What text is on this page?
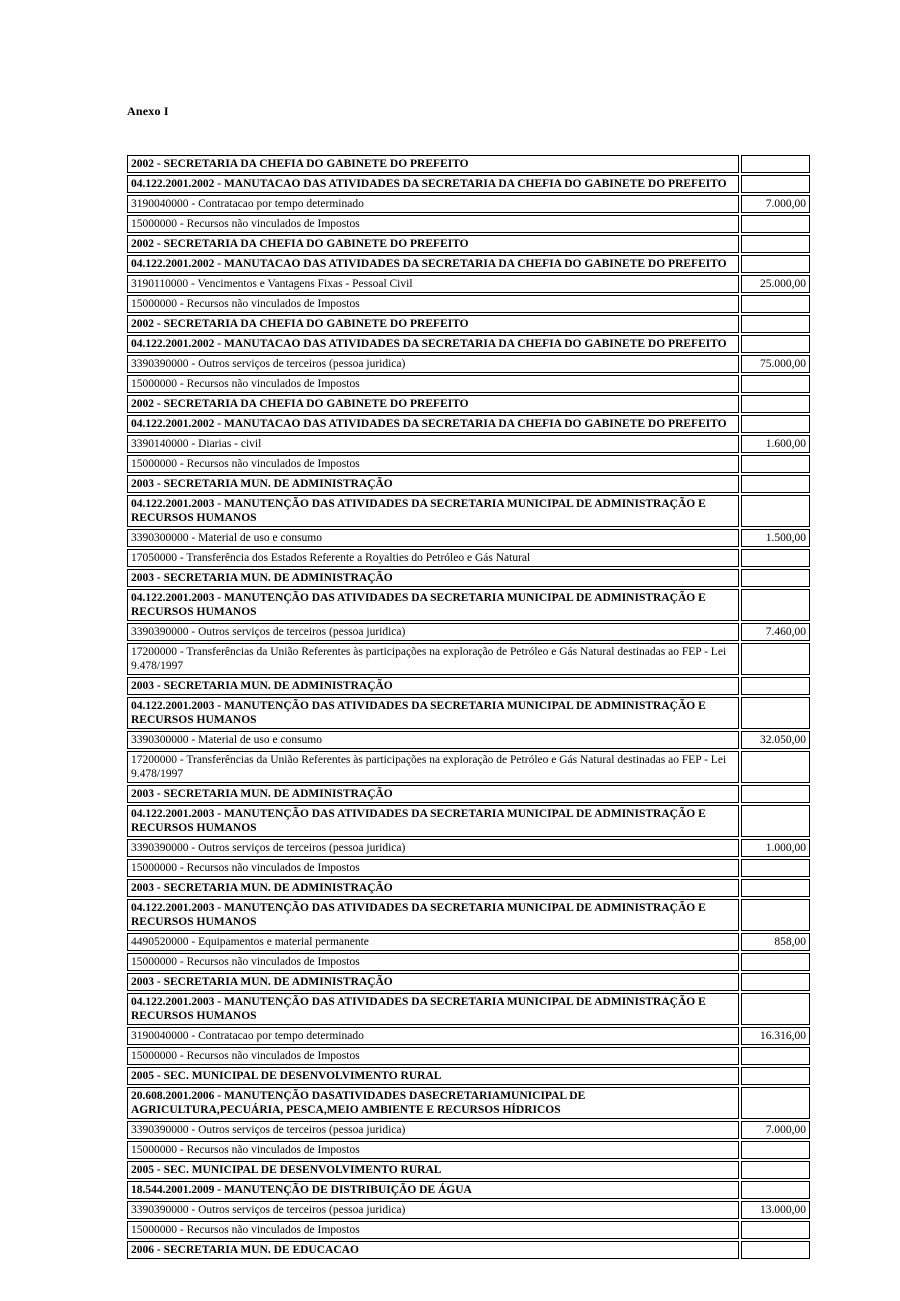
Anexo I
2002 - SECRETARIA DA CHEFIA DO GABINETE DO PREFEITO	
04.122.2001.2002 - MANUTACAO DAS ATIVIDADES DA SECRETARIA DA CHEFIA DO GABINETE DO PREFEITO	
3190040000 - Contratacao por tempo determinado	7.000,00
15000000 - Recursos não vinculados de Impostos	
2002 - SECRETARIA DA CHEFIA DO GABINETE DO PREFEITO	
04.122.2001.2002 - MANUTACAO DAS ATIVIDADES DA SECRETARIA DA CHEFIA DO GABINETE DO PREFEITO	
3190110000 - Vencimentos e Vantagens Fixas - Pessoal Civil	25.000,00
15000000 - Recursos não vinculados de Impostos	
2002 - SECRETARIA DA CHEFIA DO GABINETE DO PREFEITO	
04.122.2001.2002 - MANUTACAO DAS ATIVIDADES DA SECRETARIA DA CHEFIA DO GABINETE DO PREFEITO	
3390390000 - Outros serviços de terceiros (pessoa juridica)	75.000,00
15000000 - Recursos não vinculados de Impostos	
2002 - SECRETARIA DA CHEFIA DO GABINETE DO PREFEITO	
04.122.2001.2002 - MANUTACAO DAS ATIVIDADES DA SECRETARIA DA CHEFIA DO GABINETE DO PREFEITO	
3390140000 - Diarias - civil	1.600,00
15000000 - Recursos não vinculados de Impostos	
2003 - SECRETARIA MUN. DE ADMINISTRAÇÃO	
04.122.2001.2003 - MANUTENÇÃO DAS ATIVIDADES DA SECRETARIA MUNICIPAL DE ADMINISTRAÇÃO E RECURSOS HUMANOS	
3390300000 - Material de uso e consumo	1.500,00
17050000 - Transferência dos Estados Referente a Royalties do Petróleo e Gás Natural	
2003 - SECRETARIA MUN. DE ADMINISTRAÇÃO	
04.122.2001.2003 - MANUTENÇÃO DAS ATIVIDADES DA SECRETARIA MUNICIPAL DE ADMINISTRAÇÃO E RECURSOS HUMANOS	
3390390000 - Outros serviços de terceiros (pessoa juridica)	7.460,00
17200000 - Transferências da União Referentes às participações na exploração de Petróleo e Gás Natural destinadas ao FEP - Lei 9.478/1997	
2003 - SECRETARIA MUN. DE ADMINISTRAÇÃO	
04.122.2001.2003 - MANUTENÇÃO DAS ATIVIDADES DA SECRETARIA MUNICIPAL DE ADMINISTRAÇÃO E RECURSOS HUMANOS	
3390300000 - Material de uso e consumo	32.050,00
17200000 - Transferências da União Referentes às participações na exploração de Petróleo e Gás Natural destinadas ao FEP - Lei 9.478/1997	
2003 - SECRETARIA MUN. DE ADMINISTRAÇÃO	
04.122.2001.2003 - MANUTENÇÃO DAS ATIVIDADES DA SECRETARIA MUNICIPAL DE ADMINISTRAÇÃO E RECURSOS HUMANOS	
3390390000 - Outros serviços de terceiros (pessoa juridica)	1.000,00
15000000 - Recursos não vinculados de Impostos	
2003 - SECRETARIA MUN. DE ADMINISTRAÇÃO	
04.122.2001.2003 - MANUTENÇÃO DAS ATIVIDADES DA SECRETARIA MUNICIPAL DE ADMINISTRAÇÃO E RECURSOS HUMANOS	
4490520000 - Equipamentos e material permanente	858,00
15000000 - Recursos não vinculados de Impostos	
2003 - SECRETARIA MUN. DE ADMINISTRAÇÃO	
04.122.2001.2003 - MANUTENÇÃO DAS ATIVIDADES DA SECRETARIA MUNICIPAL DE ADMINISTRAÇÃO E RECURSOS HUMANOS	
3190040000 - Contratacao por tempo determinado	16.316,00
15000000 - Recursos não vinculados de Impostos	
2005 - SEC. MUNICIPAL DE DESENVOLVIMENTO RURAL	
20.608.2001.2006 - MANUTENÇÃO DASATIVIDADES DASECRETARIAMUNICIPAL DE AGRICULTURA,PECUÁRIA, PESCA,MEIO AMBIENTE E RECURSOS HÍDRICOS	
3390390000 - Outros serviços de terceiros (pessoa juridica)	7.000,00
15000000 - Recursos não vinculados de Impostos	
2005 - SEC. MUNICIPAL DE DESENVOLVIMENTO RURAL	
18.544.2001.2009 - MANUTENÇÃO DE DISTRIBUIÇÃO DE ÁGUA	
3390390000 - Outros serviços de terceiros (pessoa juridica)	13.000,00
15000000 - Recursos não vinculados de Impostos	
2006 - SECRETARIA MUN. DE EDUCACAO	
